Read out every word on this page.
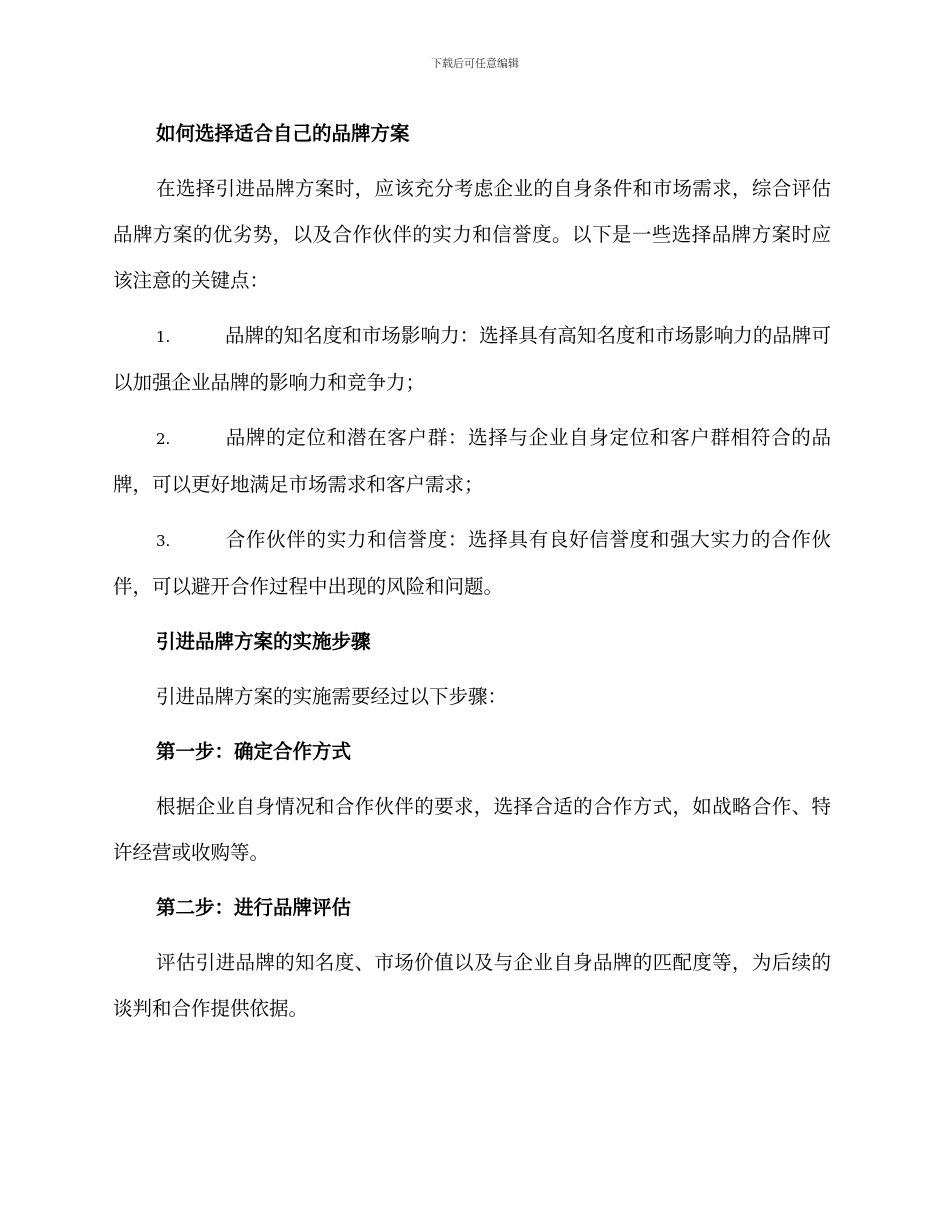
下载后可任意编辑
如何选择适合自己的品牌方案
在选择引进品牌方案时，应该充分考虑企业的自身条件和市场需求，综合评估品牌方案的优劣势，以及合作伙伴的实力和信誉度。以下是一些选择品牌方案时应该注意的关键点：
1.	品牌的知名度和市场影响力：选择具有高知名度和市场影响力的品牌可以加强企业品牌的影响力和竞争力；
2.	品牌的定位和潜在客户群：选择与企业自身定位和客户群相符合的品牌，可以更好地满足市场需求和客户需求；
3.	合作伙伴的实力和信誉度：选择具有良好信誉度和强大实力的合作伙伴，可以避开合作过程中出现的风险和问题。
引进品牌方案的实施步骤
引进品牌方案的实施需要经过以下步骤：
第一步：确定合作方式
根据企业自身情况和合作伙伴的要求，选择合适的合作方式，如战略合作、特许经营或收购等。
第二步：进行品牌评估
评估引进品牌的知名度、市场价值以及与企业自身品牌的匹配度等，为后续的谈判和合作提供依据。
